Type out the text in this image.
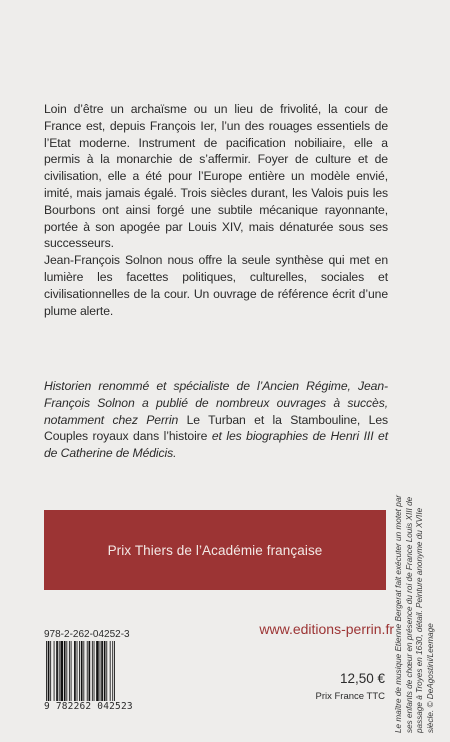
Loin d’être un archaïsme ou un lieu de frivolité, la cour de France est, depuis François Ier, l’un des rouages essentiels de l’Etat moderne. Instrument de pacification nobiliaire, elle a permis à la monarchie de s’affermir. Foyer de culture et de civilisation, elle a été pour l’Europe entière un modèle envié, imité, mais jamais égalé. Trois siècles durant, les Valois puis les Bourbons ont ainsi forgé une subtile mécanique rayonnante, portée à son apogée par Louis XIV, mais dénaturée sous ses successeurs.

Jean-François Solnon nous offre la seule synthèse qui met en lumière les facettes politiques, culturelles, sociales et civilisationnelles de la cour. Un ouvrage de référence écrit d’une plume alerte.

Historien renommé et spécialiste de l’Ancien Régime, Jean-François Solnon a publié de nombreux ouvrages à succès, notamment chez Perrin Le Turban et la Stambouline, Les Couples royaux dans l’histoire et les biographies de Henri III et de Catherine de Médicis.
Prix Thiers de l’Académie française	Le maître de musique Etienne Bergerat fait exécuter un motet par ses enfants de chœur en présence du roi de France Louis XIII de passage à Troyes en 1630, détail. Peinture anonyme du XVIIe siècle. © DeAgostini/Leemage
978-2-262-04252-3
9 782262 042523
www.editions-perrin.fr
12,50 €
Prix France TTC
